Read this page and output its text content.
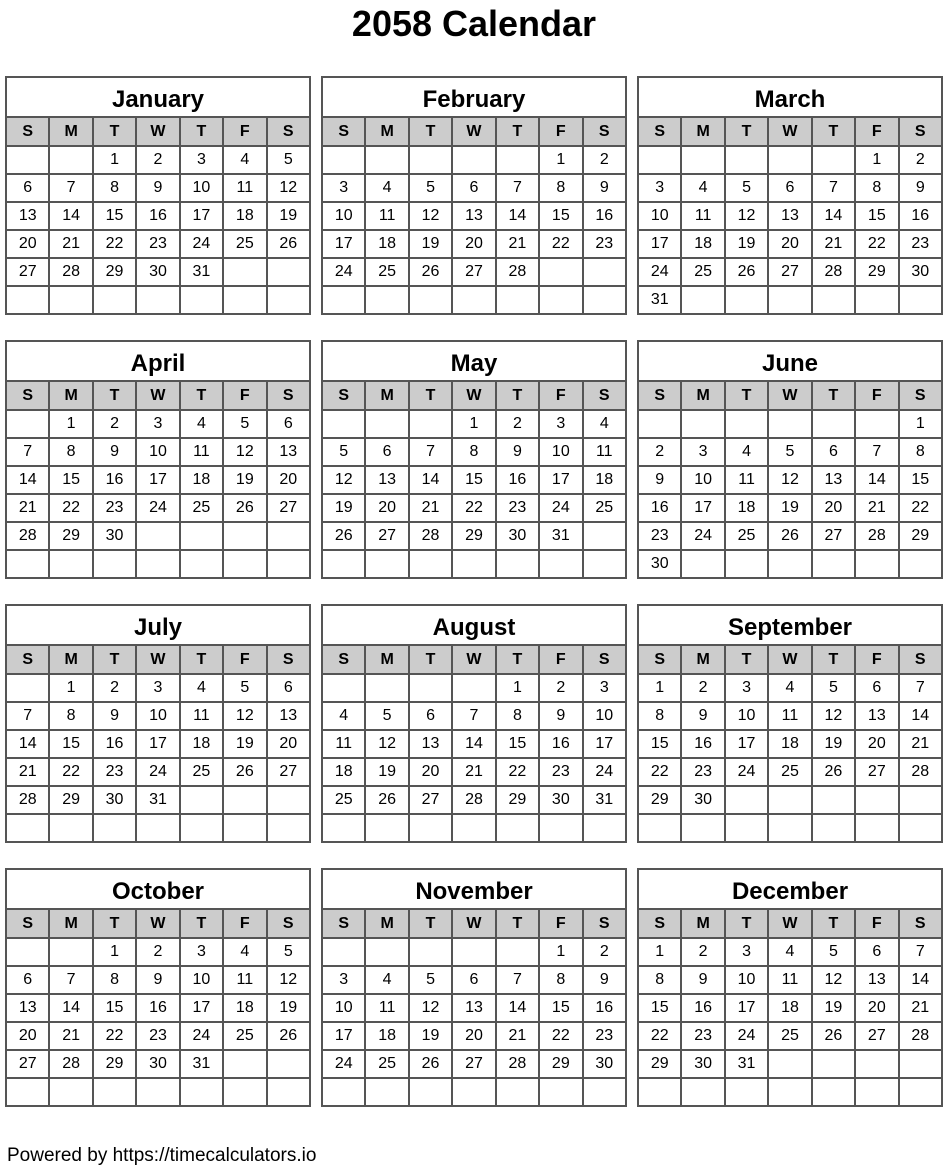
2058 Calendar
January
S	M	T	W	T	F	S
		1	2	3	4	5
6	7	8	9	10	11	12
13	14	15	16	17	18	19
20	21	22	23	24	25	26
27	28	29	30	31		

February
S	M	T	W	T	F	S
					1	2
3	4	5	6	7	8	9
10	11	12	13	14	15	16
17	18	19	20	21	22	23
24	25	26	27	28		

March
S	M	T	W	T	F	S
					1	2
3	4	5	6	7	8	9
10	11	12	13	14	15	16
17	18	19	20	21	22	23
24	25	26	27	28	29	30
31						
April
S	M	T	W	T	F	S
	1	2	3	4	5	6
7	8	9	10	11	12	13
14	15	16	17	18	19	20
21	22	23	24	25	26	27
28	29	30				

May
S	M	T	W	T	F	S
			1	2	3	4
5	6	7	8	9	10	11
12	13	14	15	16	17	18
19	20	21	22	23	24	25
26	27	28	29	30	31	

June
S	M	T	W	T	F	S
						1
2	3	4	5	6	7	8
9	10	11	12	13	14	15
16	17	18	19	20	21	22
23	24	25	26	27	28	29
30						
July
S	M	T	W	T	F	S
	1	2	3	4	5	6
7	8	9	10	11	12	13
14	15	16	17	18	19	20
21	22	23	24	25	26	27
28	29	30	31			

August
S	M	T	W	T	F	S
				1	2	3
4	5	6	7	8	9	10
11	12	13	14	15	16	17
18	19	20	21	22	23	24
25	26	27	28	29	30	31

September
S	M	T	W	T	F	S
1	2	3	4	5	6	7
8	9	10	11	12	13	14
15	16	17	18	19	20	21
22	23	24	25	26	27	28
29	30					

October
S	M	T	W	T	F	S
		1	2	3	4	5
6	7	8	9	10	11	12
13	14	15	16	17	18	19
20	21	22	23	24	25	26
27	28	29	30	31		

November
S	M	T	W	T	F	S
					1	2
3	4	5	6	7	8	9
10	11	12	13	14	15	16
17	18	19	20	21	22	23
24	25	26	27	28	29	30

December
S	M	T	W	T	F	S
1	2	3	4	5	6	7
8	9	10	11	12	13	14
15	16	17	18	19	20	21
22	23	24	25	26	27	28
29	30	31				

Powered by https://timecalculators.io
